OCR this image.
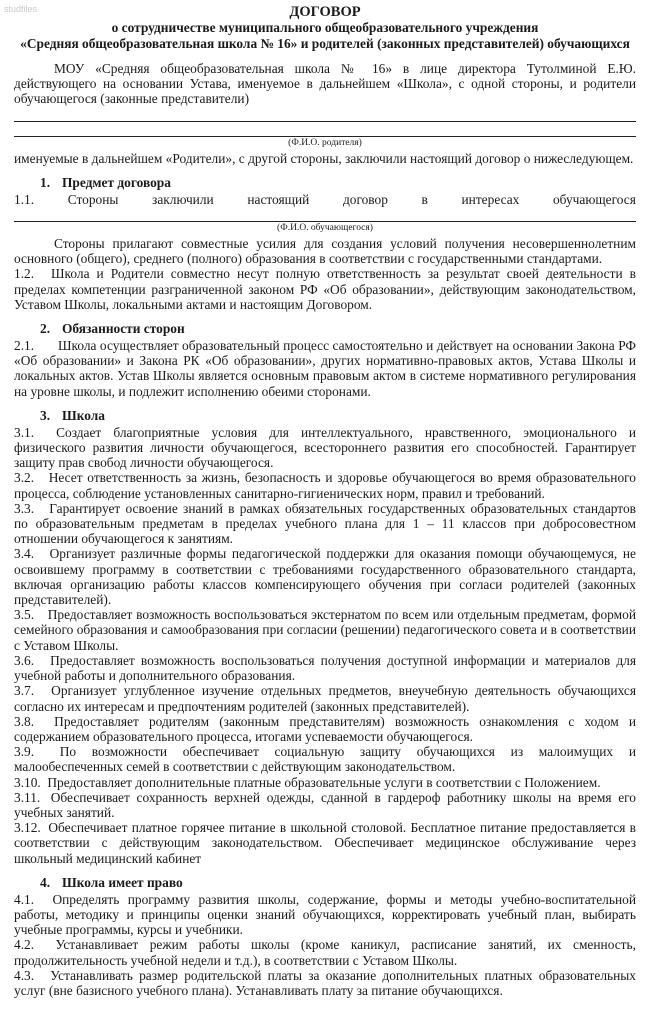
studfiles	ДОГОВОР

о сотрудничестве муниципального общеобразовательного учреждения

«Средняя общеобразовательная школа № 16» и родителей (законных представителей) обучающихся

МОУ «Средняя общеобразовательная школа № 16» в лице директора Тутолминой Е.Ю. действующего на основании Устава, именуемое в дальнейшем «Школа», с одной стороны, и родители обучающегося (законные представители)

(Ф.И.О. родителя)

именуемые в дальнейшем «Родители», с другой стороны, заключили настоящий договор о нижеследующем.

1. Предмет договора
1.1.	Стороны	заключили	настоящий	договор	в	интересах	обучающегося
(Ф.И.О. обучающегося)

Стороны прилагают совместные усилия для создания условий получения несовершеннолетним основного (общего), среднего (полного) образования в соответствии с государственными стандартами.

1.2. Школа и Родители совместно несут полную ответственность за результат своей деятельности в пределах компетенции разграниченной законом РФ «Об образовании», действующим законодательством, Уставом Школы, локальными актами и настоящим Договором.

2. Обязанности сторон

2.1. Школа осуществляет образовательный процесс самостоятельно и действует на основании Закона РФ «Об образовании» и Закона РК «Об образовании», других нормативно-правовых актов, Устава Школы и локальных актов. Устав Школы является основным правовым актом в системе нормативного регулирования на уровне школы, и подлежит исполнению обеими сторонами.

3. Школа

3.1. Создает благоприятные условия для интеллектуального, нравственного, эмоционального и физического развития личности обучающегося, всестороннего развития его способностей. Гарантирует защиту прав свобод личности обучающегося.

3.2. Несет ответственность за жизнь, безопасность и здоровье обучающегося во время образовательного процесса, соблюдение установленных санитарно-гигиенических норм, правил и требований.

3.3. Гарантирует освоение знаний в рамках обязательных государственных образовательных стандартов по образовательным предметам в пределах учебного плана для 1 – 11 классов при добросовестном отношении обучающегося к занятиям.

3.4. Организует различные формы педагогической поддержки для оказания помощи обучающемуся, не освоившему программу в соответствии с требованиями государственного образовательного стандарта, включая организацию работы классов компенсирующего обучения при согласи родителей (законных представителей).

3.5. Предоставляет возможность воспользоваться экстернатом по всем или отдельным предметам, формой семейного образования и самообразования при согласии (решении) педагогического совета и в соответствии с Уставом Школы.

3.6. Предоставляет возможность воспользоваться получения доступной информации и материалов для учебной работы и дополнительного образования.

3.7. Организует углубленное изучение отдельных предметов, внеучебную деятельность обучающихся согласно их интересам и предпочтениям родителей (законных представителей).

3.8. Предоставляет родителям (законным представителям) возможность ознакомления с ходом и содержанием образовательного процесса, итогами успеваемости обучающегося.

3.9. По возможности обеспечивает социальную защиту обучающихся из малоимущих и малообеспеченных семей в соответствии с действующим законодательством.

3.10. Предоставляет дополнительные платные образовательные услуги в соответствии с Положением.

3.11. Обеспечивает сохранность верхней одежды, сданной в гардероф работнику школы на время его учебных занятий.

3.12. Обеспечивает платное горячее питание в школьной столовой. Бесплатное питание предоставляется в соответствии с действующим законодательством. Обеспечивает медицинское обслуживание через школьный медицинский кабинет

4. Школа имеет право

4.1. Определять программу развития школы, содержание, формы и методы учебно-воспитательной работы, методику и принципы оценки знаний обучающихся, корректировать учебный план, выбирать учебные программы, курсы и учебники.

4.2. Устанавливает режим работы школы (кроме каникул, расписание занятий, их сменность, продолжительность учебной недели и т.д.), в соответствии с Уставом Школы.

4.3. Устанавливать размер родительской платы за оказание дополнительных платных образовательных услуг (вне базисного учебного плана). Устанавливать плату за питание обучающихся.
